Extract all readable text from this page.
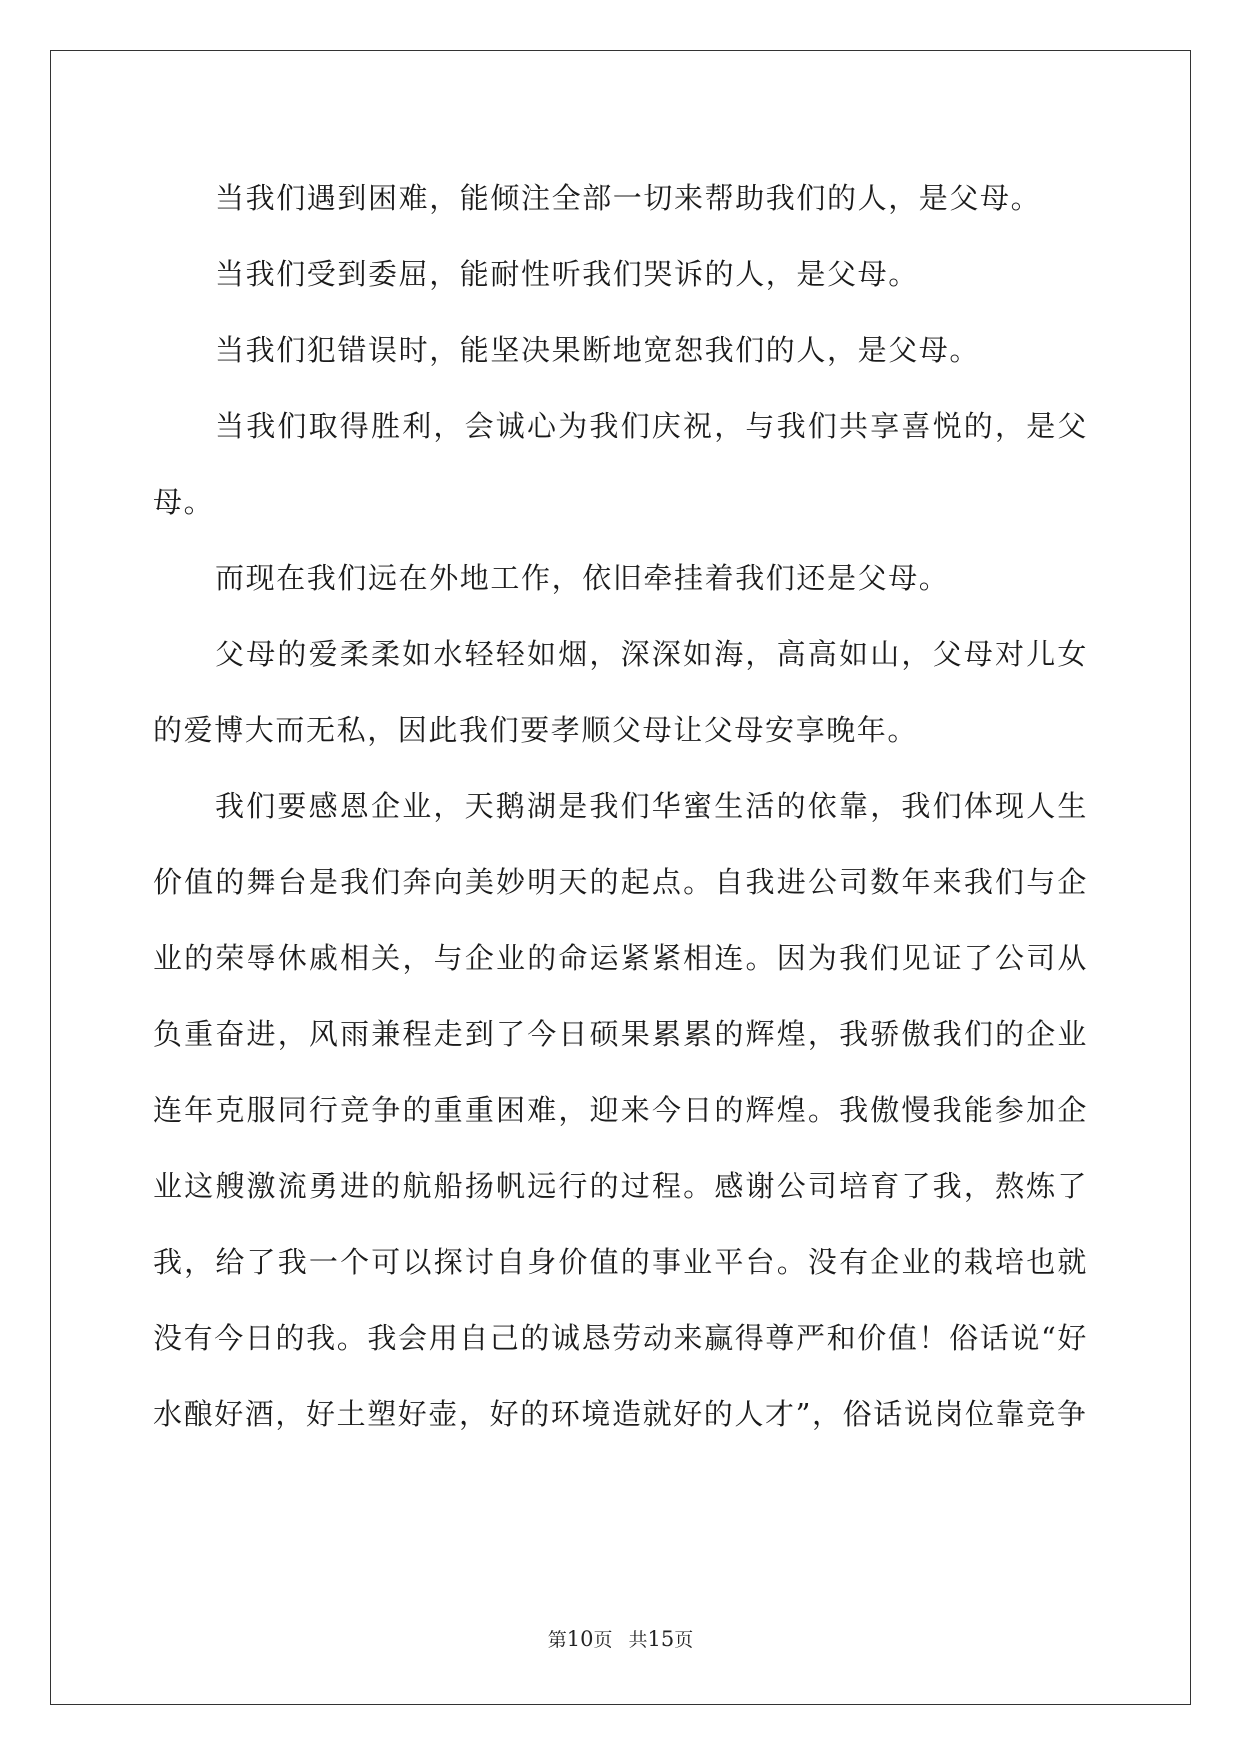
当我们遇到困难，能倾注全部一切来帮助我们的人，是父母。

当我们受到委屈，能耐性听我们哭诉的人，是父母。

当我们犯错误时，能坚决果断地宽恕我们的人，是父母。

当我们取得胜利，会诚心为我们庆祝，与我们共享喜悦的，是父母。

而现在我们远在外地工作，依旧牵挂着我们还是父母。

父母的爱柔柔如水轻轻如烟，深深如海，高高如山，父母对儿女的爱博大而无私，因此我们要孝顺父母让父母安享晚年。

我们要感恩企业，天鹅湖是我们华蜜生活的依靠，我们体现人生价值的舞台是我们奔向美妙明天的起点。自我进公司数年来我们与企业的荣辱休戚相关，与企业的命运紧紧相连。因为我们见证了公司从负重奋进，风雨兼程走到了今日硕果累累的辉煌，我骄傲我们的企业连年克服同行竞争的重重困难，迎来今日的辉煌。我傲慢我能参加企业这艘激流勇进的航船扬帆远行的过程。感谢公司培育了我，熬炼了我，给了我一个可以探讨自身价值的事业平台。没有企业的栽培也就没有今日的我。我会用自己的诚恳劳动来赢得尊严和价值！俗话说“好水酿好酒，好土塑好壶，好的环境造就好的人才”，俗话说岗位靠竞争

第10页 共15页
